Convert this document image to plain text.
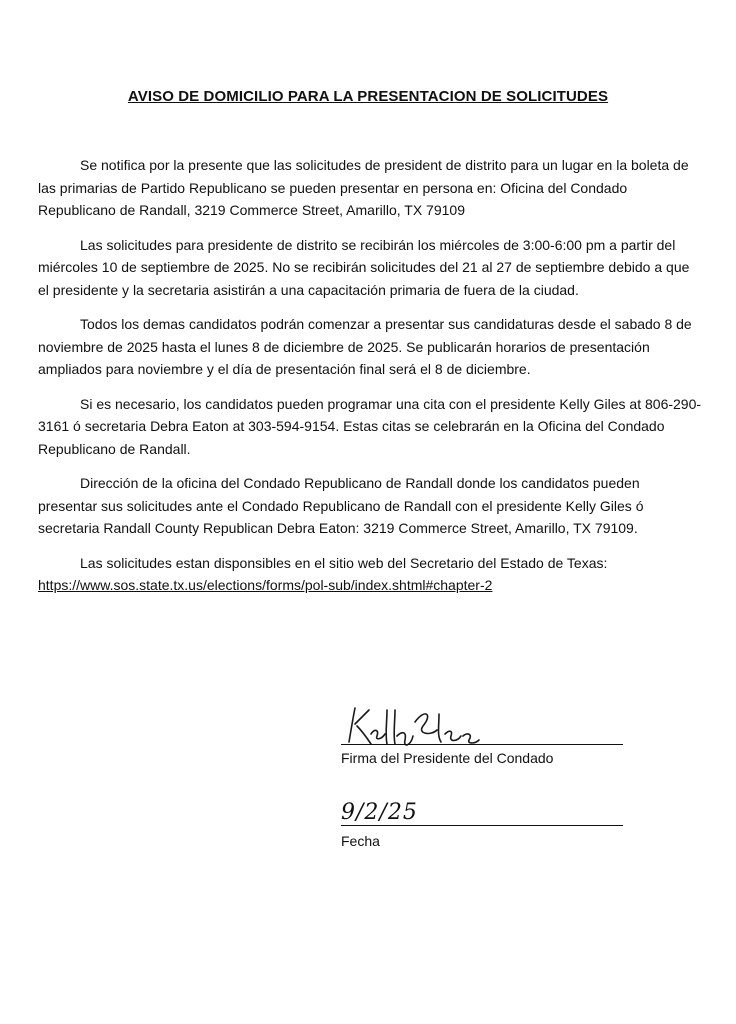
AVISO DE DOMICILIO PARA LA PRESENTACION DE SOLICITUDES

Se notifica por la presente que las solicitudes de president de distrito para un lugar en la boleta de las primarias de Partido Republicano se pueden presentar en persona en: Oficina del Condado Republicano de Randall, 3219 Commerce Street, Amarillo, TX 79109

Las solicitudes para presidente de distrito se recibirán los miércoles de 3:00-6:00 pm a partir del miércoles 10 de septiembre de 2025. No se recibirán solicitudes del 21 al 27 de septiembre debido a que el presidente y la secretaria asistirán a una capacitación primaria de fuera de la ciudad.

Todos los demas candidatos podrán comenzar a presentar sus candidaturas desde el sabado 8 de noviembre de 2025 hasta el lunes 8 de diciembre de 2025. Se publicarán horarios de presentación ampliados para noviembre y el día de presentación final será el 8 de diciembre.

Si es necesario, los candidatos pueden programar una cita con el presidente Kelly Giles at 806-290-3161 ó secretaria Debra Eaton at 303-594-9154. Estas citas se celebrarán en la Oficina del Condado Republicano de Randall.

Dirección de la oficina del Condado Republicano de Randall donde los candidatos pueden presentar sus solicitudes ante el Condado Republicano de Randall con el presidente Kelly Giles ó secretaria Randall County Republican Debra Eaton: 3219 Commerce Street, Amarillo, TX 79109.

Las solicitudes estan disponsibles en el sitio web del Secretario del Estado de Texas:

https://www.sos.state.tx.us/elections/forms/pol-sub/index.shtml#chapter-2

Firma del Presidente del Condado
9/2/25
Fecha
